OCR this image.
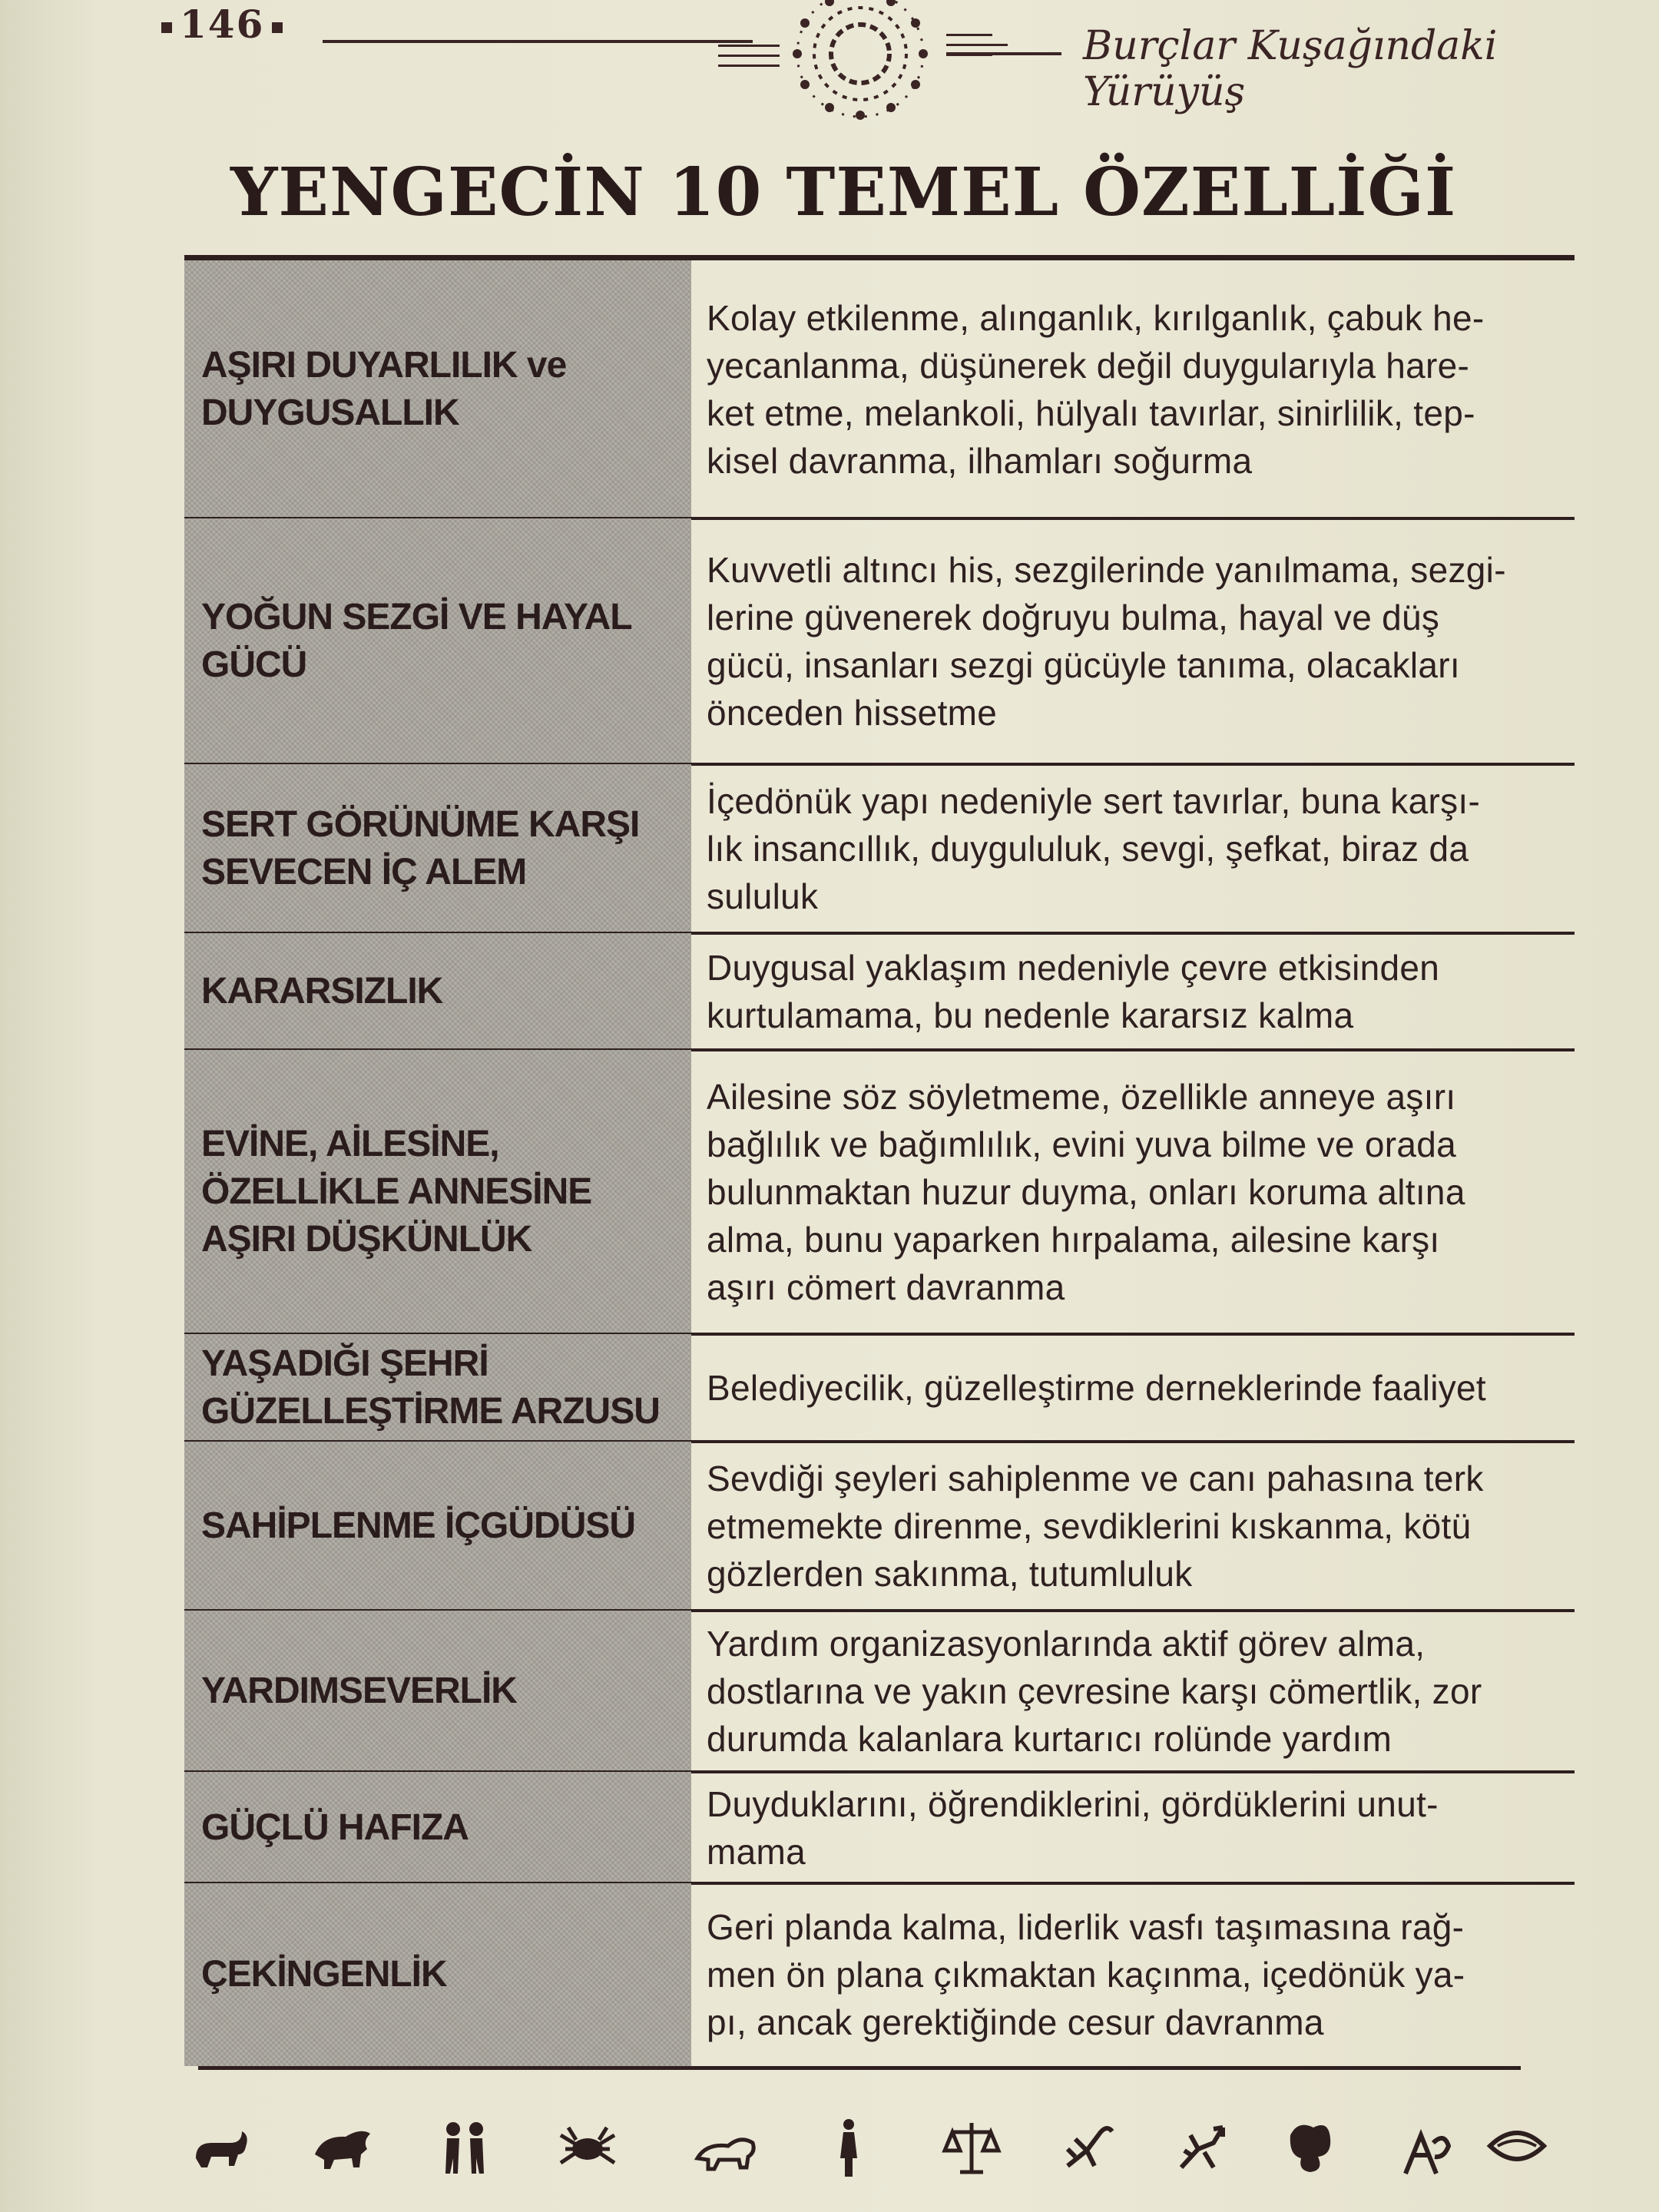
146	Burçlar Kuşağındaki Yürüyüş
YENGECİN 10 TEMEL ÖZELLİĞİ
AŞIRI DUYARLILIK ve
DUYGUSALLIK
Kolay etkilenme, alınganlık, kırılganlık, çabuk he-
yecanlanma, düşünerek değil duygularıyla hare-
ket etme, melankoli, hülyalı tavırlar, sinirlilik, tep-
kisel davranma, ilhamları soğurma
YOĞUN SEZGİ VE HAYAL
GÜCÜ
Kuvvetli altıncı his, sezgilerinde yanılmama, sezgi-
lerine güvenerek doğruyu bulma, hayal ve düş
gücü, insanları sezgi gücüyle tanıma, olacakları
önceden hissetme
SERT GÖRÜNÜME KARŞI
SEVECEN İÇ ALEM
İçedönük yapı nedeniyle sert tavırlar, buna karşı-
lık insancıllık, duygululuk, sevgi, şefkat, biraz da
sululuk
KARARSIZLIK
Duygusal yaklaşım nedeniyle çevre etkisinden
kurtulamama, bu nedenle kararsız kalma
EVİNE, AİLESİNE,
ÖZELLİKLE ANNESİNE
AŞIRI DÜŞKÜNLÜK
Ailesine söz söyletmeme, özellikle anneye aşırı
bağlılık ve bağımlılık, evini yuva bilme ve orada
bulunmaktan huzur duyma, onları koruma altına
alma, bunu yaparken hırpalama, ailesine karşı
aşırı cömert davranma
YAŞADIĞI ŞEHRİ
GÜZELLEŞTİRME ARZUSU
Belediyecilik, güzelleştirme derneklerinde faaliyet
SAHİPLENME İÇGÜDÜSÜ
Sevdiği şeyleri sahiplenme ve canı pahasına terk
etmemekte direnme, sevdiklerini kıskanma, kötü
gözlerden sakınma, tutumluluk
YARDIMSEVERLİK
Yardım organizasyonlarında aktif görev alma,
dostlarına ve yakın çevresine karşı cömertlik, zor
durumda kalanlara kurtarıcı rolünde yardım
GÜÇLÜ HAFIZA
Duyduklarını, öğrendiklerini, gördüklerini unut-
mama
ÇEKİNGENLİK
Geri planda kalma, liderlik vasfı taşımasına rağ-
men ön plana çıkmaktan kaçınma, içedönük ya-
pı, ancak gerektiğinde cesur davranma
